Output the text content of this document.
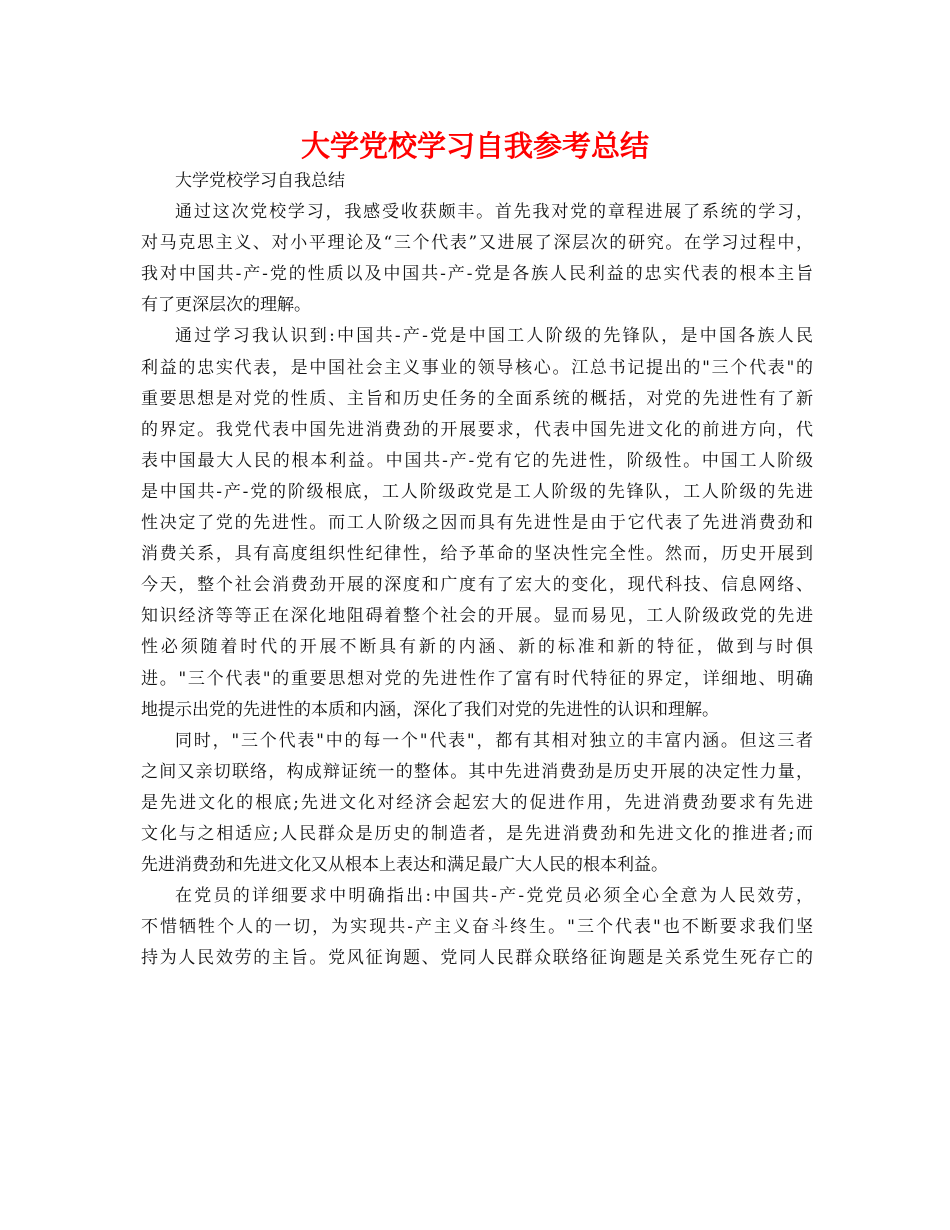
大学党校学习自我参考总结
大学党校学习自我总结
通过这次党校学习，我感受收获颇丰。首先我对党的章程进展了系统的学习，
对马克思主义、对小平理论及“三个代表”又进展了深层次的研究。在学习过程中，
我对中国共-产-党的性质以及中国共-产-党是各族人民利益的忠实代表的根本主旨
有了更深层次的理解。
通过学习我认识到:中国共-产-党是中国工人阶级的先锋队，是中国各族人民
利益的忠实代表，是中国社会主义事业的领导核心。江总书记提出的"三个代表"的
重要思想是对党的性质、主旨和历史任务的全面系统的概括，对党的先进性有了新
的界定。我党代表中国先进消费劲的开展要求，代表中国先进文化的前进方向，代
表中国最大人民的根本利益。中国共-产-党有它的先进性，阶级性。中国工人阶级
是中国共-产-党的阶级根底，工人阶级政党是工人阶级的先锋队，工人阶级的先进
性决定了党的先进性。而工人阶级之因而具有先进性是由于它代表了先进消费劲和
消费关系，具有高度组织性纪律性，给予革命的坚决性完全性。然而，历史开展到
今天，整个社会消费劲开展的深度和广度有了宏大的变化，现代科技、信息网络、
知识经济等等正在深化地阻碍着整个社会的开展。显而易见，工人阶级政党的先进
性必须随着时代的开展不断具有新的内涵、新的标准和新的特征，做到与时俱
进。"三个代表"的重要思想对党的先进性作了富有时代特征的界定，详细地、明确
地提示出党的先进性的本质和内涵，深化了我们对党的先进性的认识和理解。
同时，"三个代表"中的每一个"代表"，都有其相对独立的丰富内涵。但这三者
之间又亲切联络，构成辩证统一的整体。其中先进消费劲是历史开展的决定性力量，
是先进文化的根底;先进文化对经济会起宏大的促进作用，先进消费劲要求有先进
文化与之相适应;人民群众是历史的制造者，是先进消费劲和先进文化的推进者;而
先进消费劲和先进文化又从根本上表达和满足最广大人民的根本利益。
在党员的详细要求中明确指出:中国共-产-党党员必须全心全意为人民效劳，
不惜牺牲个人的一切，为实现共-产主义奋斗终生。"三个代表"也不断要求我们坚
持为人民效劳的主旨。党风征询题、党同人民群众联络征询题是关系党生死存亡的
